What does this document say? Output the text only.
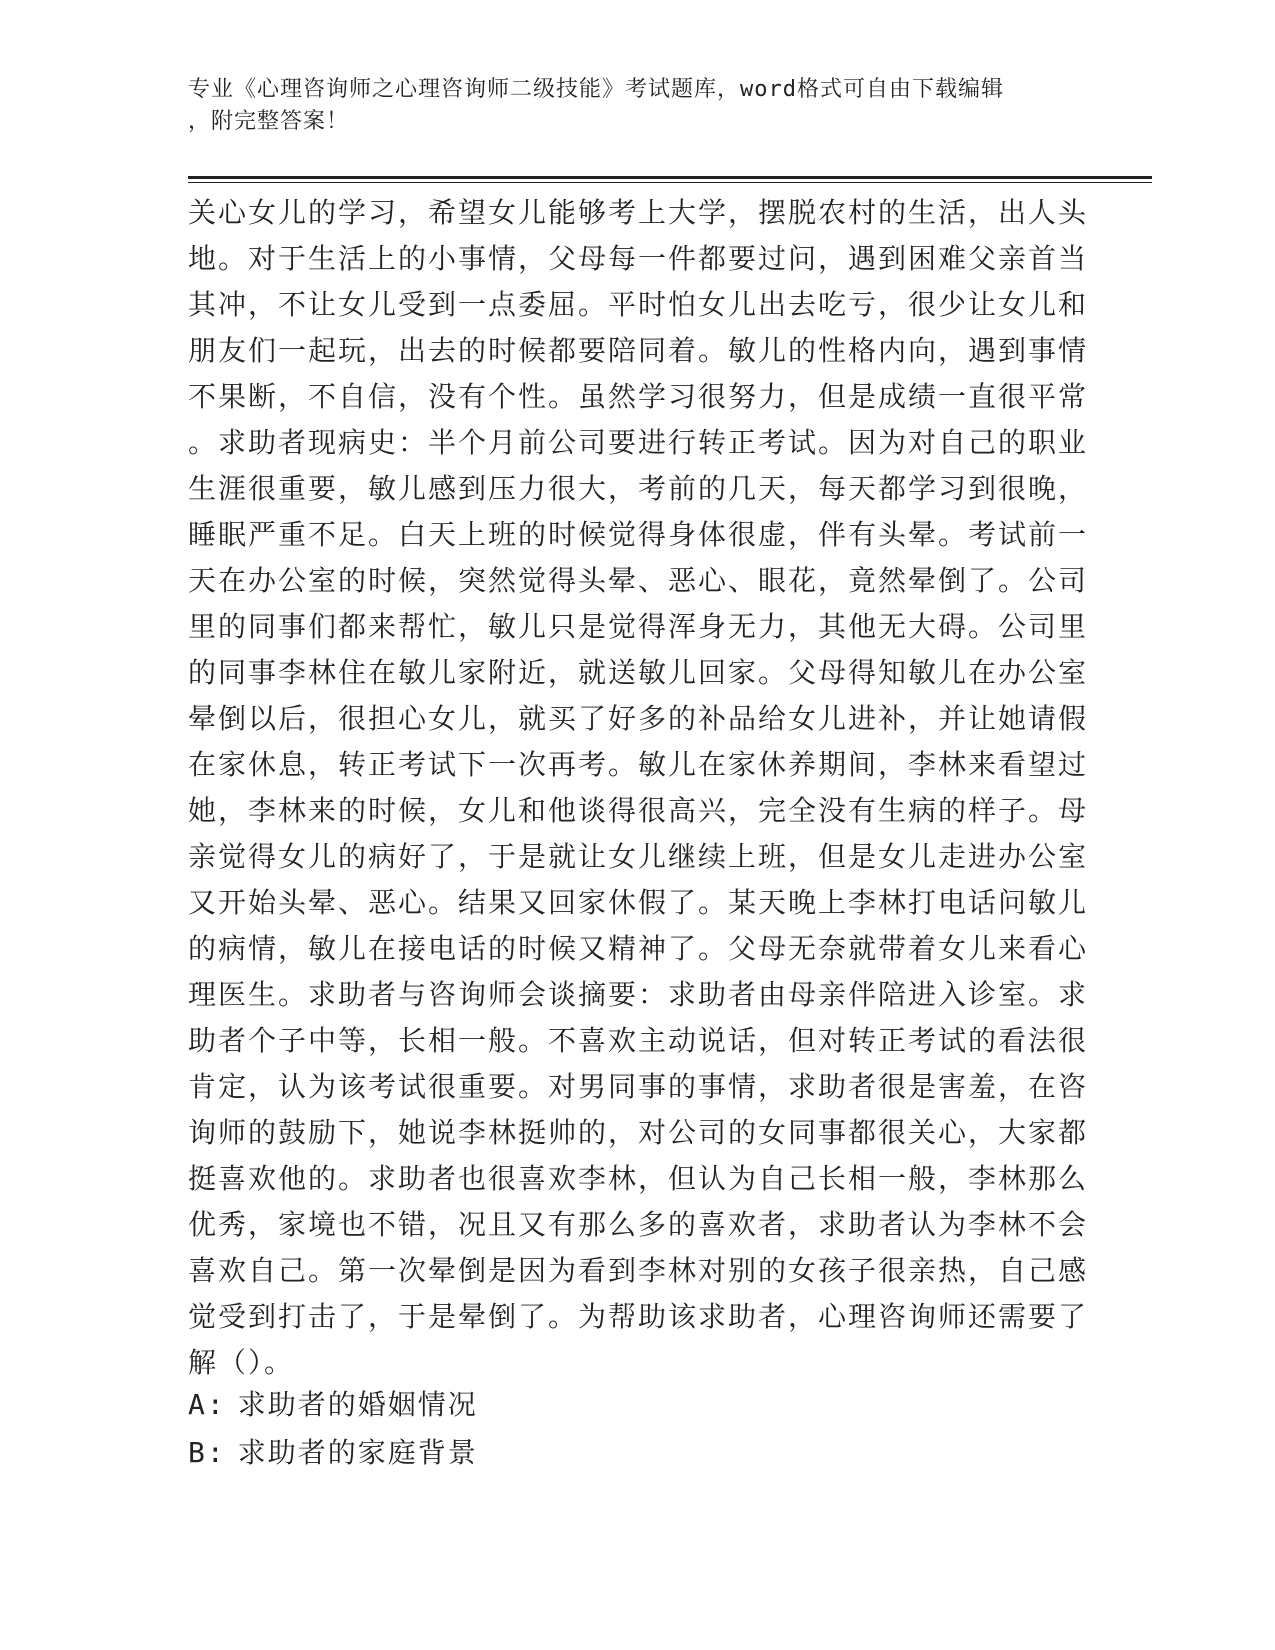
专业《心理咨询师之心理咨询师二级技能》考试题库，word格式可自由下载编辑
，附完整答案！
关心女儿的学习，希望女儿能够考上大学，摆脱农村的生活，出人头
地。对于生活上的小事情，父母每一件都要过问，遇到困难父亲首当
其冲，不让女儿受到一点委屈。平时怕女儿出去吃亏，很少让女儿和
朋友们一起玩，出去的时候都要陪同着。敏儿的性格内向，遇到事情
不果断，不自信，没有个性。虽然学习很努力，但是成绩一直很平常
。求助者现病史：半个月前公司要进行转正考试。因为对自己的职业
生涯很重要，敏儿感到压力很大，考前的几天，每天都学习到很晚，
睡眠严重不足。白天上班的时候觉得身体很虚，伴有头晕。考试前一
天在办公室的时候，突然觉得头晕、恶心、眼花，竟然晕倒了。公司
里的同事们都来帮忙，敏儿只是觉得浑身无力，其他无大碍。公司里
的同事李林住在敏儿家附近，就送敏儿回家。父母得知敏儿在办公室
晕倒以后，很担心女儿，就买了好多的补品给女儿进补，并让她请假
在家休息，转正考试下一次再考。敏儿在家休养期间，李林来看望过
她，李林来的时候，女儿和他谈得很高兴，完全没有生病的样子。母
亲觉得女儿的病好了，于是就让女儿继续上班，但是女儿走进办公室
又开始头晕、恶心。结果又回家休假了。某天晚上李林打电话问敏儿
的病情，敏儿在接电话的时候又精神了。父母无奈就带着女儿来看心
理医生。求助者与咨询师会谈摘要：求助者由母亲伴陪进入诊室。求
助者个子中等，长相一般。不喜欢主动说话，但对转正考试的看法很
肯定，认为该考试很重要。对男同事的事情，求助者很是害羞，在咨
询师的鼓励下，她说李林挺帅的，对公司的女同事都很关心，大家都
挺喜欢他的。求助者也很喜欢李林，但认为自己长相一般，李林那么
优秀，家境也不错，况且又有那么多的喜欢者，求助者认为李林不会
喜欢自己。第一次晕倒是因为看到李林对别的女孩子很亲热，自己感
觉受到打击了，于是晕倒了。为帮助该求助者，心理咨询师还需要了
解（）。
A: 求助者的婚姻情况
B: 求助者的家庭背景
